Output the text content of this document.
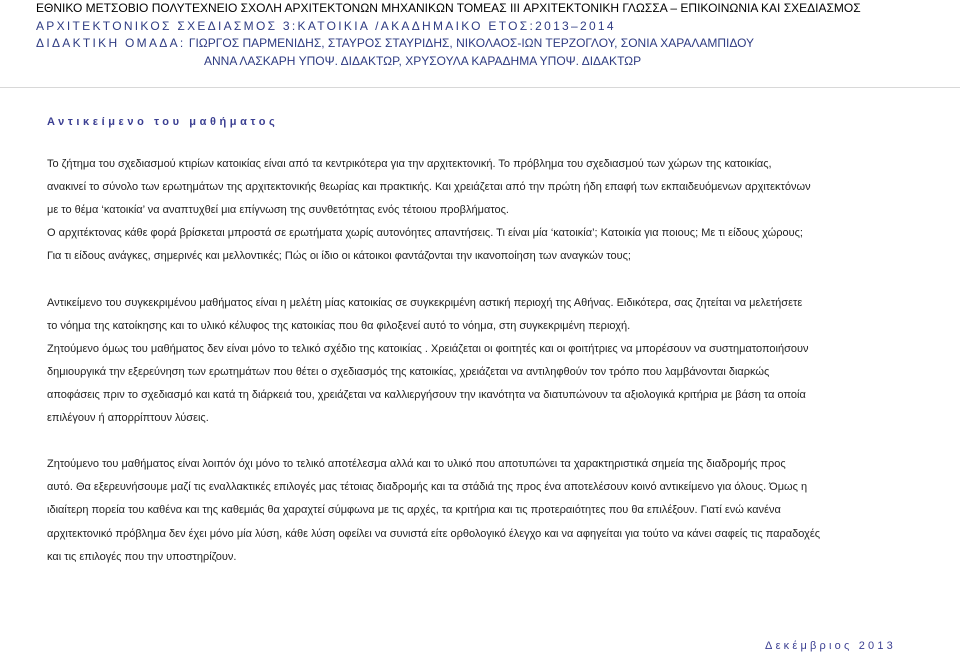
ΕΘΝΙΚΟ ΜΕΤΣΟΒΙΟ ΠΟΛΥΤΕΧΝΕΙΟ ΣΧΟΛΗ ΑΡΧΙΤΕΚΤΟΝΩΝ ΜΗΧΑΝΙΚΩΝ ΤΟΜΕΑΣ III ΑΡΧΙΤΕΚΤΟΝΙΚΗ ΓΛΩΣΣΑ – ΕΠΙΚΟΙΝΩΝΙΑ ΚΑΙ ΣΧΕΔΙΑΣΜΟΣ
ΑΡΧΙΤΕΚΤΟΝΙΚΟΣ ΣΧΕΔΙΑΣΜΟΣ 3:ΚΑΤΟΙΚΙΑ /ΑΚΑΔΗΜΑΙΚΟ ΕΤΟΣ:2013–2014
ΔΙΔΑΚΤΙΚΗ ΟΜΑΔΑ: ΓΙΩΡΓΟΣ ΠΑΡΜΕΝΙΔΗΣ, ΣΤΑΥΡΟΣ ΣΤΑΥΡΙΔΗΣ, ΝΙΚΟΛΑΟΣ-ΙΩΝ ΤΕΡΖΟΓΛΟΥ, ΣΟΝΙΑ ΧΑΡΑΛΑΜΠΙΔΟΥ
ΑΝΝΑ ΛΑΣΚΑΡΗ ΥΠΟΨ. ΔΙΔΑΚΤΩΡ, ΧΡΥΣΟΥΛΑ ΚΑΡΑΔΗΜΑ ΥΠΟΨ. ΔΙΔΑΚΤΩΡ
Αντικείμενο του μαθήματος
Το ζήτημα του σχεδιασμού κτιρίων κατοικίας είναι από τα κεντρικότερα για την αρχιτεκτονική. Το πρόβλημα του σχεδιασμού των χώρων της κατοικίας,
ανακινεί το σύνολο των ερωτημάτων της αρχιτεκτονικής θεωρίας και πρακτικής. Και χρειάζεται από την πρώτη ήδη επαφή των εκπαιδευόμενων αρχιτεκτόνων
με το θέμα ‘κατοικία’ να αναπτυχθεί μια επίγνωση της συνθετότητας ενός τέτοιου προβλήματος.
Ο αρχιτέκτονας κάθε φορά βρίσκεται μπροστά σε ερωτήματα χωρίς αυτονόητες απαντήσεις. Τι είναι μία ‘κατοικία’; Κατοικία για ποιους; Με τι είδους χώρους;
Για τι είδους ανάγκες, σημερινές και μελλοντικές; Πώς οι ίδιο οι κάτοικοι φαντάζονται την ικανοποίηση των αναγκών τους;
Αντικείμενο του συγκεκριμένου μαθήματος είναι η μελέτη μίας κατοικίας σε συγκεκριμένη αστική περιοχή της Αθήνας. Ειδικότερα, σας ζητείται να μελετήσετε
το νόημα της κατοίκησης και το υλικό κέλυφος της κατοικίας που θα φιλοξενεί αυτό το νόημα, στη συγκεκριμένη περιοχή.
Ζητούμενο όμως του μαθήματος δεν είναι μόνο το τελικό σχέδιο της κατοικίας . Χρειάζεται οι φοιτητές και οι φοιτήτριες να μπορέσουν να συστηματοποιήσουν
δημιουργικά την εξερεύνηση των ερωτημάτων που θέτει ο σχεδιασμός της κατοικίας, χρειάζεται να αντιληφθούν τον τρόπο που λαμβάνονται διαρκώς
αποφάσεις πριν το σχεδιασμό και κατά τη διάρκειά του, χρειάζεται να καλλιεργήσουν την ικανότητα να διατυπώνουν τα αξιολογικά κριτήρια με βάση τα οποία
επιλέγουν ή απορρίπτουν λύσεις.
Ζητούμενο του μαθήματος είναι λοιπόν όχι μόνο το τελικό αποτέλεσμα αλλά και το υλικό που αποτυπώνει τα χαρακτηριστικά σημεία της διαδρομής προς
αυτό. Θα εξερευνήσουμε μαζί τις εναλλακτικές επιλογές μας τέτοιας διαδρομής και τα στάδιά της προς ένα αποτελέσουν κοινό αντικείμενο για όλους. Όμως η
ιδιαίτερη πορεία του καθένα και της καθεμιάς θα χαραχτεί σύμφωνα με τις αρχές, τα κριτήρια και τις προτεραιότητες που θα επιλέξουν. Γιατί ενώ κανένα
αρχιτεκτονικό πρόβλημα δεν έχει μόνο μία λύση, κάθε λύση οφείλει να συνιστά είτε ορθολογικό έλεγχο και να αφηγείται για τούτο να κάνει σαφείς τις παραδοχές
και τις επιλογές που την υποστηρίζουν.
Δεκέμβριος 2013
